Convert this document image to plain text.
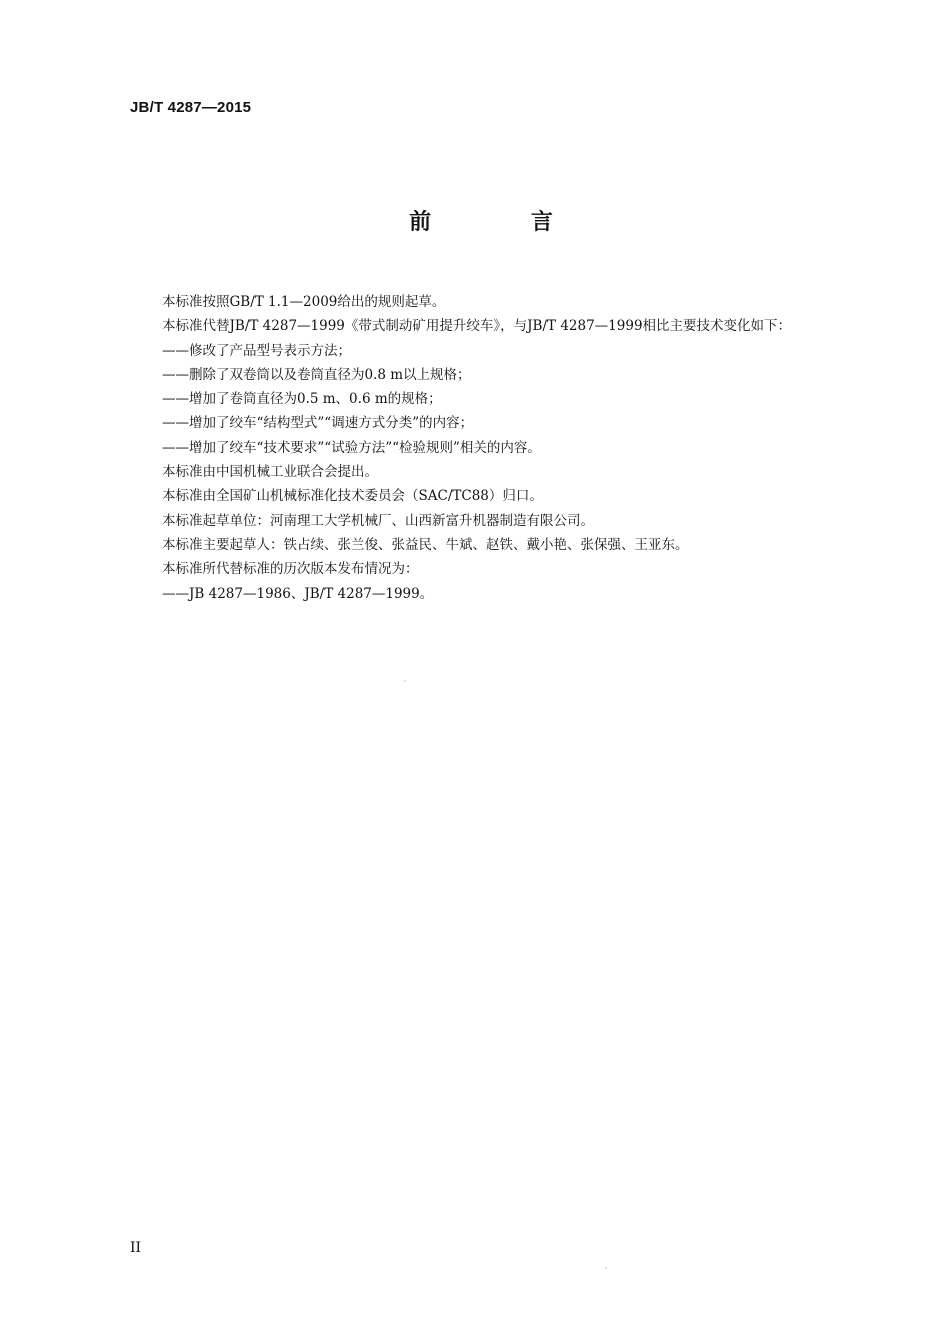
JB/T 4287—2015
前 言
本标准按照GB/T 1.1—2009给出的规则起草。
本标准代替JB/T 4287—1999《带式制动矿用提升绞车》，与JB/T 4287—1999相比主要技术变化如下：
——修改了产品型号表示方法；
——删除了双卷筒以及卷筒直径为0.8 m以上规格；
——增加了卷筒直径为0.5 m、0.6 m的规格；
——增加了绞车“结构型式”“调速方式分类”的内容；
——增加了绞车“技术要求”“试验方法”“检验规则”相关的内容。
本标准由中国机械工业联合会提出。
本标准由全国矿山机械标准化技术委员会（SAC/TC88）归口。
本标准起草单位：河南理工大学机械厂、山西新富升机器制造有限公司。
本标准主要起草人：铁占续、张兰俊、张益民、牛斌、赵铁、戴小艳、张保强、王亚东。
本标准所代替标准的历次版本发布情况为：
——JB 4287—1986、JB/T 4287—1999。
II
